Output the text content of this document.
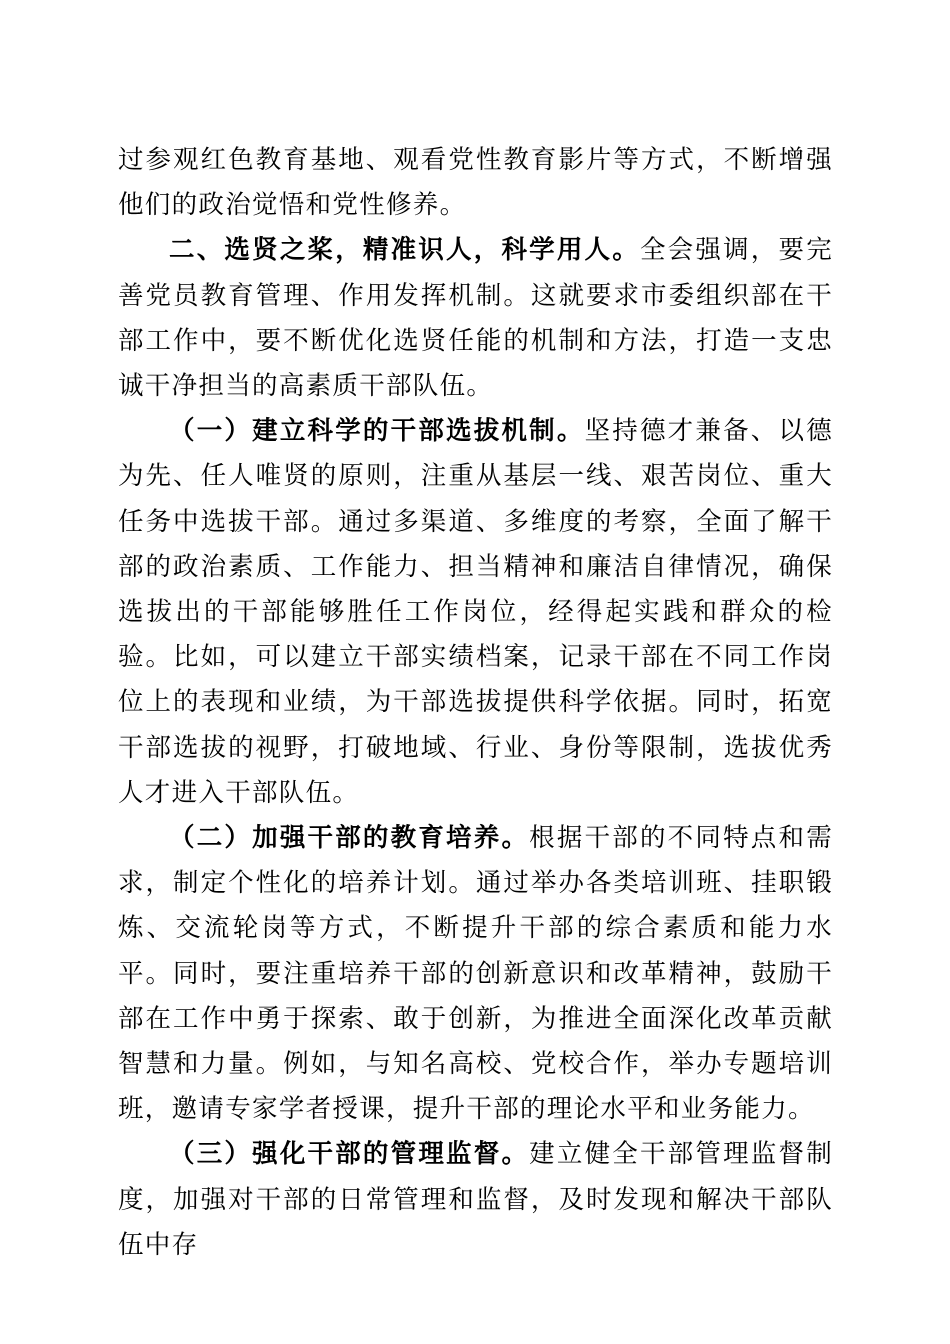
过参观红色教育基地、观看党性教育影片等方式，不断增强他们的政治觉悟和党性修养。

二、选贤之桨，精准识人，科学用人。全会强调，要完善党员教育管理、作用发挥机制。这就要求市委组织部在干部工作中，要不断优化选贤任能的机制和方法，打造一支忠诚干净担当的高素质干部队伍。

（一）建立科学的干部选拔机制。坚持德才兼备、以德为先、任人唯贤的原则，注重从基层一线、艰苦岗位、重大任务中选拔干部。通过多渠道、多维度的考察，全面了解干部的政治素质、工作能力、担当精神和廉洁自律情况，确保选拔出的干部能够胜任工作岗位，经得起实践和群众的检验。比如，可以建立干部实绩档案，记录干部在不同工作岗位上的表现和业绩，为干部选拔提供科学依据。同时，拓宽干部选拔的视野，打破地域、行业、身份等限制，选拔优秀人才进入干部队伍。

（二）加强干部的教育培养。根据干部的不同特点和需求，制定个性化的培养计划。通过举办各类培训班、挂职锻炼、交流轮岗等方式，不断提升干部的综合素质和能力水平。同时，要注重培养干部的创新意识和改革精神，鼓励干部在工作中勇于探索、敢于创新，为推进全面深化改革贡献智慧和力量。例如，与知名高校、党校合作，举办专题培训班，邀请专家学者授课，提升干部的理论水平和业务能力。

（三）强化干部的管理监督。建立健全干部管理监督制度，加强对干部的日常管理和监督，及时发现和解决干部队伍中存
